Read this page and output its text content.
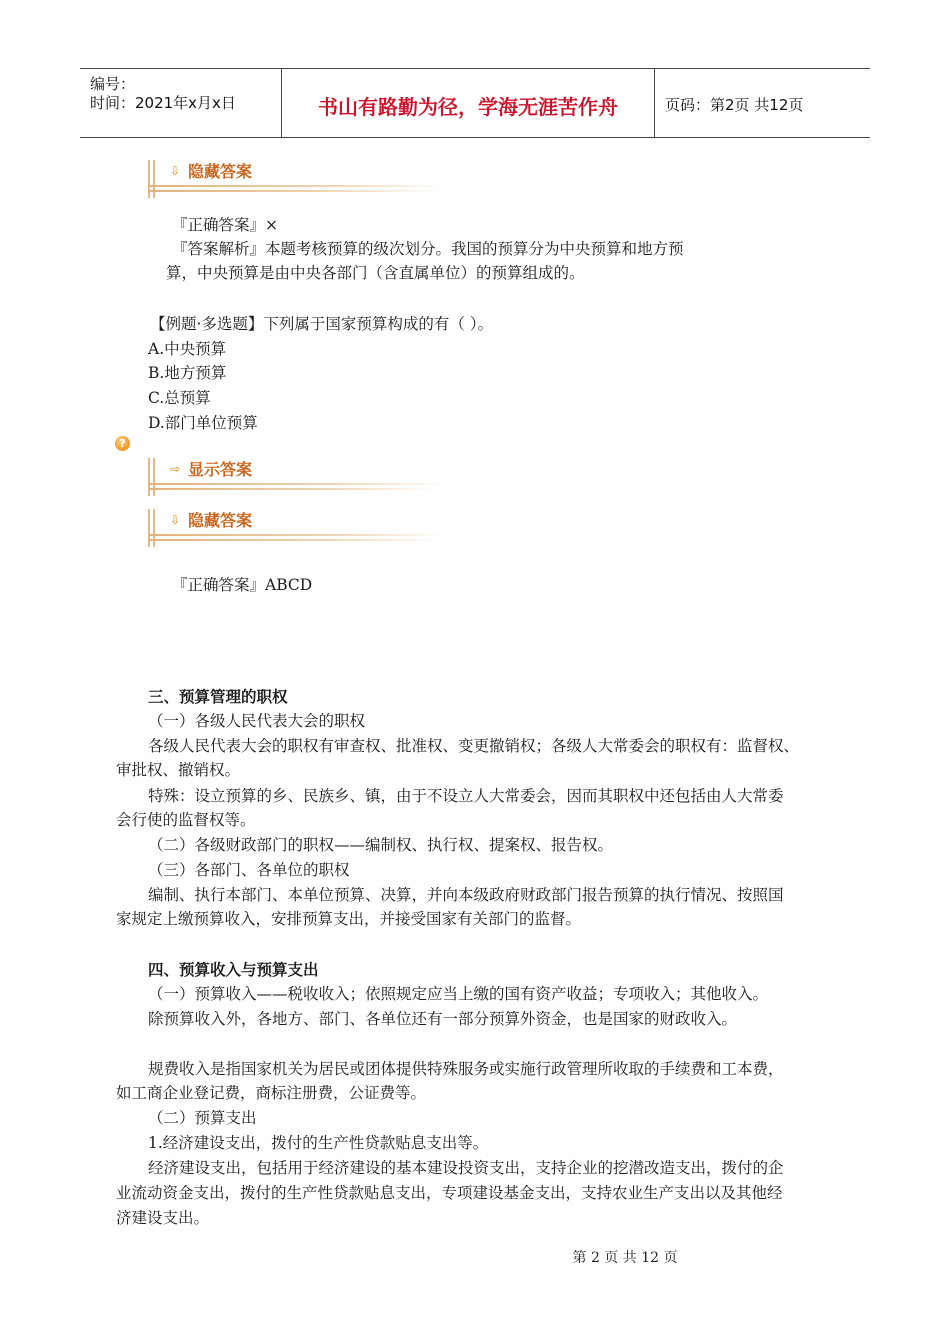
编号：
时间：2021年x月x日	书山有路勤为径，学海无涯苦作舟	页码：第2页 共12页
⇩ 隐藏答案
『正确答案』×
『答案解析』本题考核预算的级次划分。我国的预算分为中央预算和地方预
算，中央预算是由中央各部门（含直属单位）的预算组成的。
【例题·多选题】下列属于国家预算构成的有（ ）。
A.中央预算
B.地方预算
C.总预算
D.部门单位预算
?
⇨ 显示答案
⇩ 隐藏答案
『正确答案』ABCD
三、预算管理的职权
（一）各级人民代表大会的职权
各级人民代表大会的职权有审查权、批准权、变更撤销权；各级人大常委会的职权有：监督权、
审批权、撤销权。
特殊：设立预算的乡、民族乡、镇，由于不设立人大常委会，因而其职权中还包括由人大常委
会行使的监督权等。
（二）各级财政部门的职权——编制权、执行权、提案权、报告权。
（三）各部门、各单位的职权
编制、执行本部门、本单位预算、决算，并向本级政府财政部门报告预算的执行情况、按照国
家规定上缴预算收入，安排预算支出，并接受国家有关部门的监督。
四、预算收入与预算支出
（一）预算收入——税收收入；依照规定应当上缴的国有资产收益；专项收入；其他收入。
除预算收入外，各地方、部门、各单位还有一部分预算外资金，也是国家的财政收入。
规费收入是指国家机关为居民或团体提供特殊服务或实施行政管理所收取的手续费和工本费，
如工商企业登记费，商标注册费，公证费等。
（二）预算支出
1.经济建设支出，拨付的生产性贷款贴息支出等。
经济建设支出，包括用于经济建设的基本建设投资支出，支持企业的挖潜改造支出，拨付的企
业流动资金支出，拨付的生产性贷款贴息支出，专项建设基金支出，支持农业生产支出以及其他经
济建设支出。
第 2 页 共 12 页
